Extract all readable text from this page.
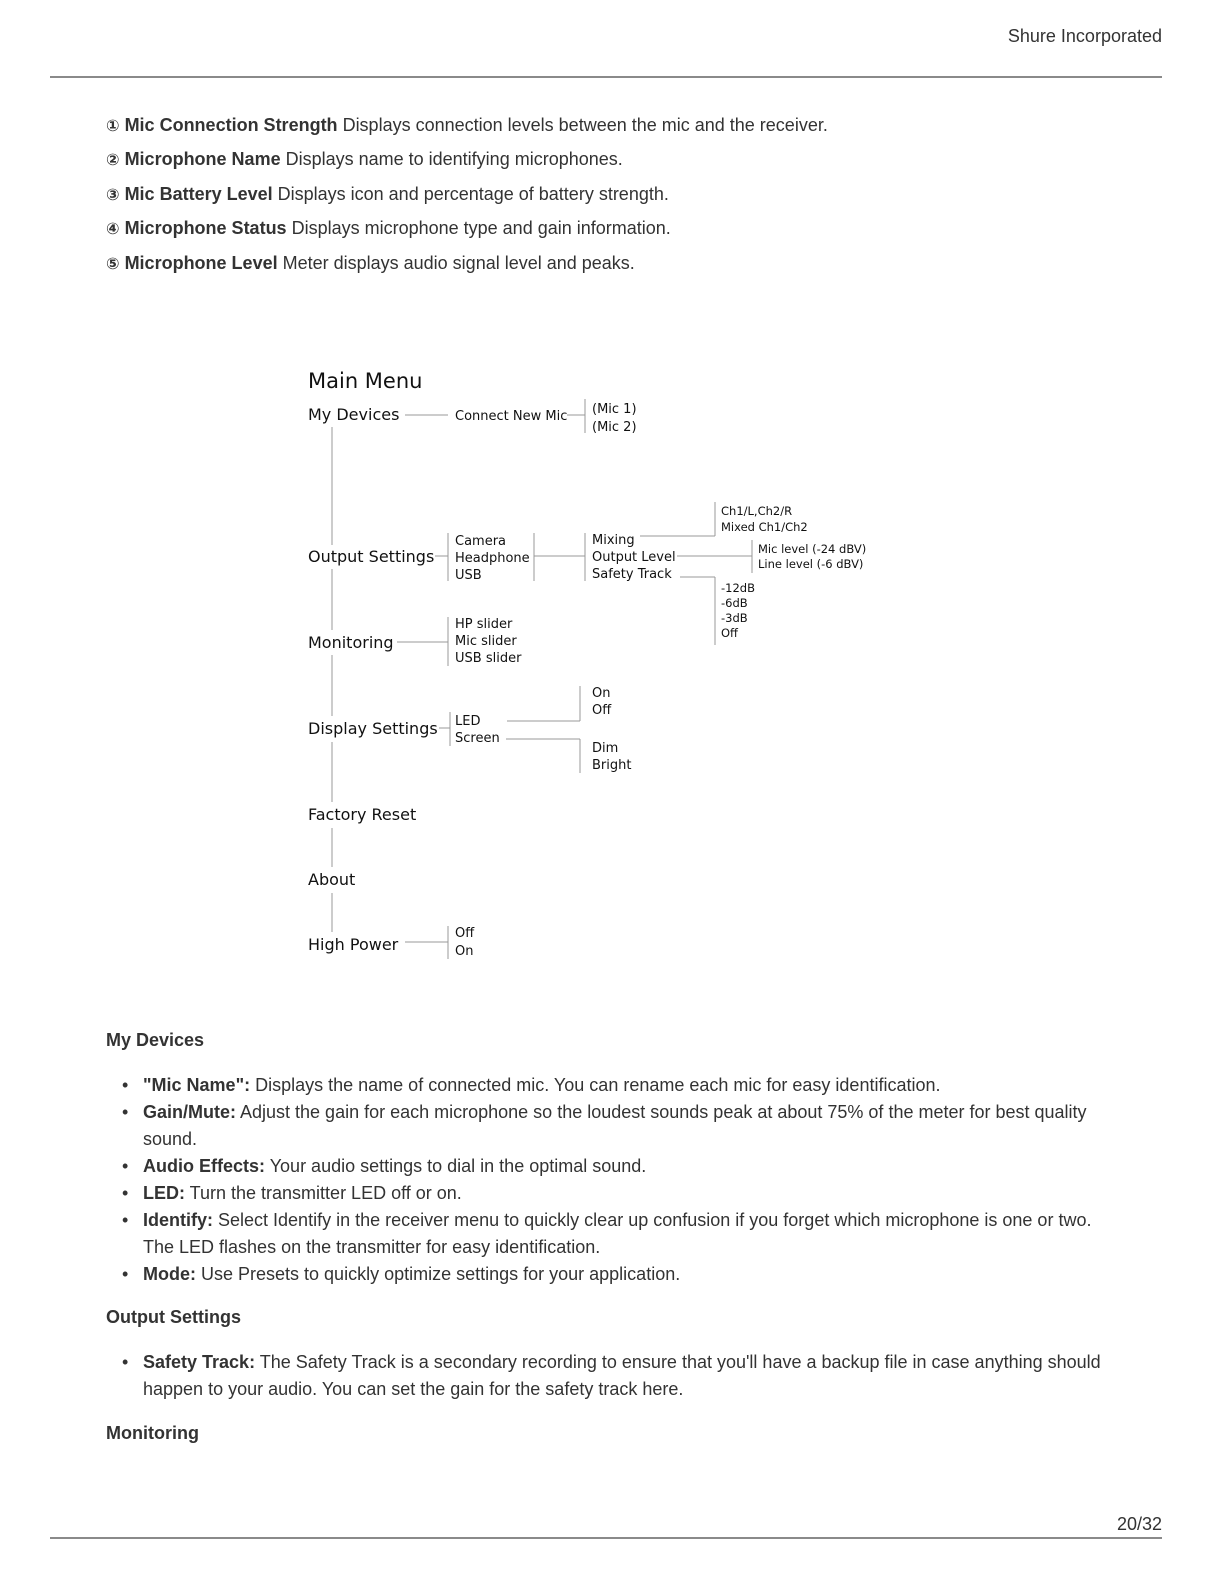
Shure Incorporated
① Mic Connection Strength Displays connection levels between the mic and the receiver.
② Microphone Name Displays name to identifying microphones.
③ Mic Battery Level Displays icon and percentage of battery strength.
④ Microphone Status Displays microphone type and gain information.
⑤ Microphone Level Meter displays audio signal level and peaks.
Main Menu
My Devices	Connect New Mic (Mic 1)
(Mic 2)
Output Settings
Camera
Headphone
USB
Mixing
Output Level
Safety Track
Ch1/L,Ch2/R
Mixed Ch1/Ch2
Mic level (-24 dBV)
Line level (-6 dBV)
-12dB
-6dB
-3dB
Off
Monitoring
HP slider
Mic slider
USB slider
Display Settings LED
Screen
On
Off
Dim
Bright
Factory Reset
About
High Power
Off
On
My Devices
• "Mic Name": Displays the name of connected mic. You can rename each mic for easy identification.
• Gain/Mute: Adjust the gain for each microphone so the loudest sounds peak at about 75% of the meter for best quality sound.
• Audio Effects: Your audio settings to dial in the optimal sound.
• LED: Turn the transmitter LED off or on.
• Identify: Select Identify in the receiver menu to quickly clear up confusion if you forget which microphone is one or two. The LED flashes on the transmitter for easy identification.
• Mode: Use Presets to quickly optimize settings for your application.
Output Settings
• Safety Track: The Safety Track is a secondary recording to ensure that you'll have a backup file in case anything should happen to your audio. You can set the gain for the safety track here.
Monitoring
20/32
